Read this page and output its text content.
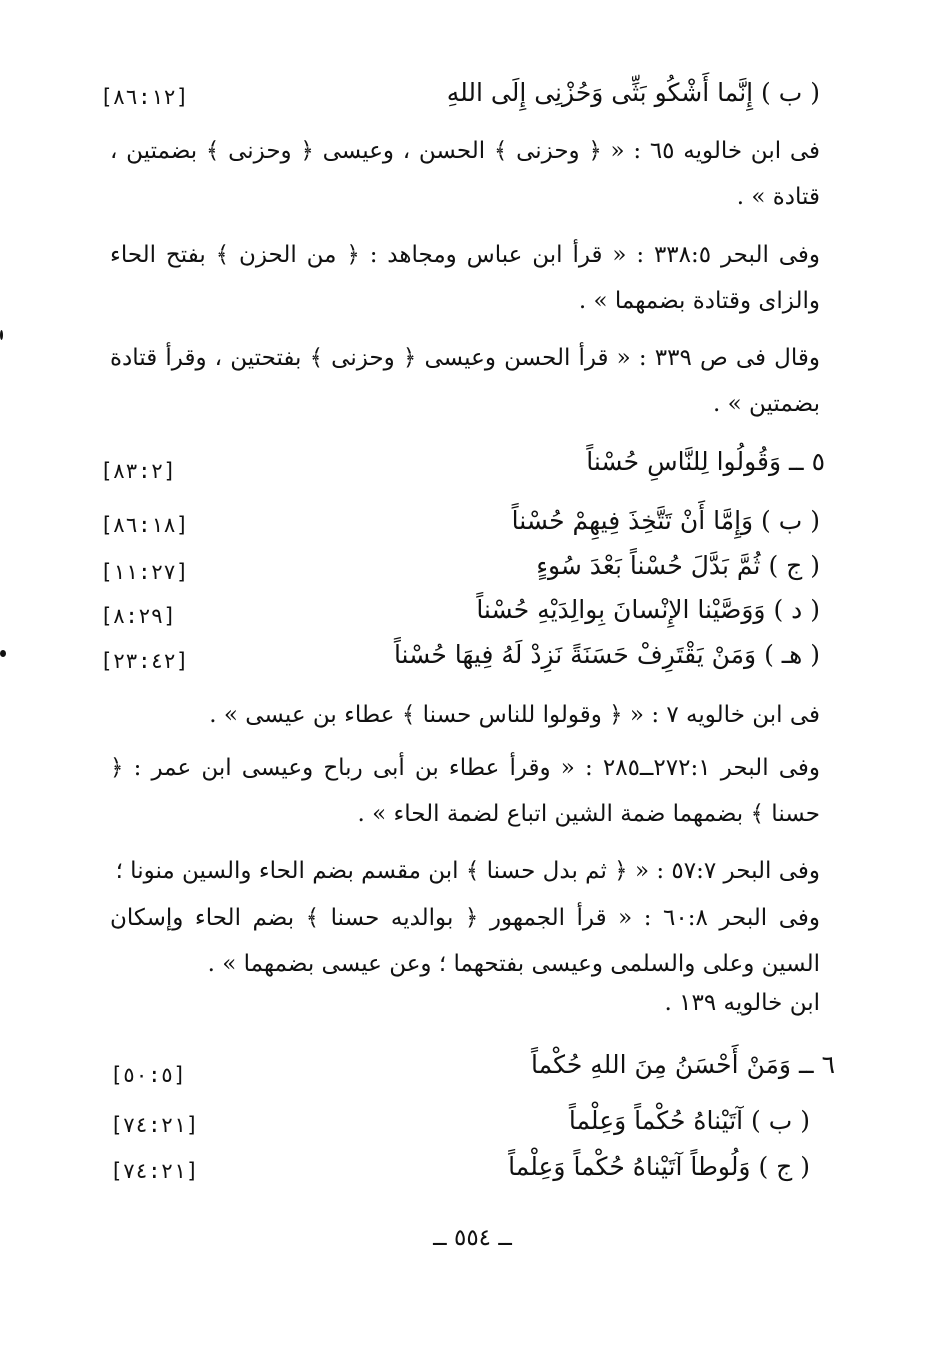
( ب ) إِنَّما أَشْكُو بَثِّى وَحُزْنِى إِلَى اللهِ
[٨٦:١٢]
فى ابن خالويه ٦٥ : « ﴿ وحزنى ﴾ الحسن ، وعيسى ﴿ وحزنى ﴾ بضمتين ، قتادة » .
وفى البحر ٣٣٨:٥ : « قرأ ابن عباس ومجاهد : ﴿ من الحزن ﴾ بفتح الحاء والزاى وقتادة بضمهما » .
وقال فى ص ٣٣٩ : « قرأ الحسن وعيسى ﴿ وحزنى ﴾ بفتحتين ، وقرأ قتادة بضمتين » .
٥ ــ وَقُولُوا لِلنَّاسِ حُسْناً
[٨٣:٢]
( ب ) وَإِمَّا أَنْ تَتَّخِذَ فِيهِمْ حُسْناً
[٨٦:١٨]
( ج ) ثُمَّ بَدَّلَ حُسْناً بَعْدَ سُوءٍ
[١١:٢٧]
( د ) وَوَصَّيْنا الإِنْسانَ بِوالِدَيْهِ حُسْناً
[٨:٢٩]
( هـ ) وَمَنْ يَقْتَرِفْ حَسَنَةً نَزِدْ لَهُ فِيهَا حُسْناً
[٢٣:٤٢]
فى ابن خالويه ٧ : « ﴿ وقولوا للناس حسنا ﴾ عطاء بن عيسى » .
وفى البحر ٢٧٢:١ــ٢٨٥ : « وقرأ عطاء بن أبى رباح وعيسى ابن عمر : ﴿ حسنا ﴾ بضمهما ضمة الشين اتباع لضمة الحاء » .
وفى البحر ٥٧:٧ : « ﴿ ثم بدل حسنا ﴾ ابن مقسم بضم الحاء والسين منونا ؛
وفى البحر ٦٠:٨ : « قرأ الجمهور ﴿ بوالديه حسنا ﴾ بضم الحاء وإسكان السين وعلى والسلمى وعيسى بفتحهما ؛ وعن عيسى بضمهما » .
ابن خالويه ١٣٩ .
٦ ــ وَمَنْ أَحْسَنُ مِنَ اللهِ حُكْماً
[٥٠:٥]
( ب ) آتَيْناهُ حُكْماً وَعِلْماً
[٧٤:٢١]
( ج ) وَلُوطاً آتَيْناهُ حُكْماً وَعِلْماً
[٧٤:٢١]
ــ ٥٥٤ ــ
